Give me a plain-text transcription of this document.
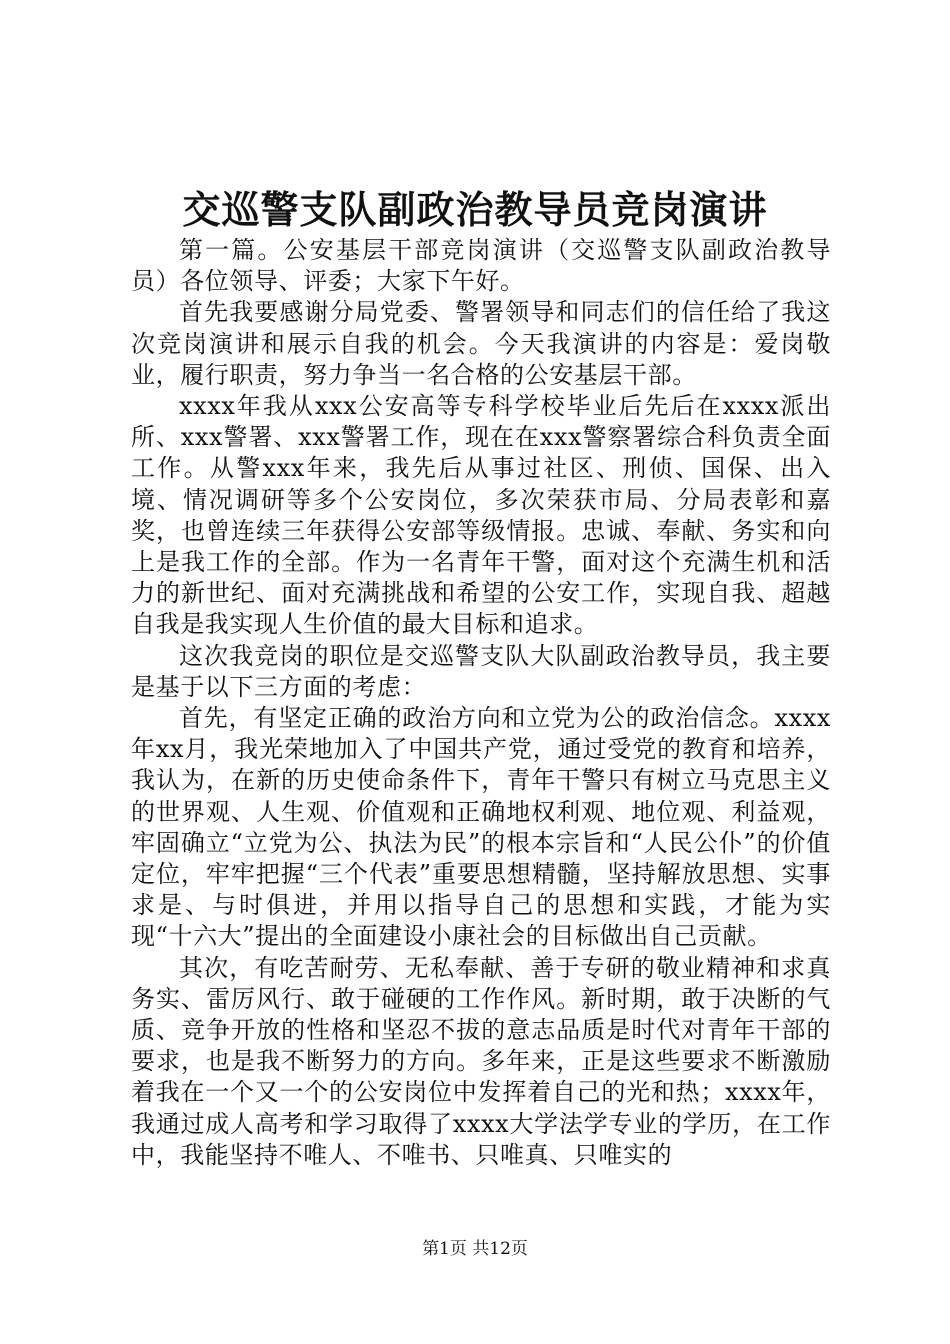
交巡警支队副政治教导员竞岗演讲

第一篇。公安基层干部竞岗演讲（交巡警支队副政治教导员）各位领导、评委；大家下午好。

首先我要感谢分局党委、警署领导和同志们的信任给了我这次竞岗演讲和展示自我的机会。今天我演讲的内容是：爱岗敬业，履行职责，努力争当一名合格的公安基层干部。

xxxx年我从xxx公安高等专科学校毕业后先后在xxxx派出所、xxx警署、xxx警署工作，现在在xxx警察署综合科负责全面工作。从警xxx年来，我先后从事过社区、刑侦、国保、出入境、情况调研等多个公安岗位，多次荣获市局、分局表彰和嘉奖，也曾连续三年获得公安部等级情报。忠诚、奉献、务实和向上是我工作的全部。作为一名青年干警，面对这个充满生机和活力的新世纪、面对充满挑战和希望的公安工作，实现自我、超越自我是我实现人生价值的最大目标和追求。

这次我竞岗的职位是交巡警支队大队副政治教导员，我主要是基于以下三方面的考虑：

首先，有坚定正确的政治方向和立党为公的政治信念。xxxx年xx月，我光荣地加入了中国共产党，通过受党的教育和培养，我认为，在新的历史使命条件下，青年干警只有树立马克思主义的世界观、人生观、价值观和正确地权利观、地位观、利益观，牢固确立“立党为公、执法为民”的根本宗旨和“人民公仆”的价值定位，牢牢把握“三个代表”重要思想精髓，坚持解放思想、实事求是、与时俱进，并用以指导自己的思想和实践，才能为实现“十六大”提出的全面建设小康社会的目标做出自己贡献。

其次，有吃苦耐劳、无私奉献、善于专研的敬业精神和求真务实、雷厉风行、敢于碰硬的工作作风。新时期，敢于决断的气质、竞争开放的性格和坚忍不拔的意志品质是时代对青年干部的要求，也是我不断努力的方向。多年来，正是这些要求不断激励着我在一个又一个的公安岗位中发挥着自己的光和热；xxxx年，我通过成人高考和学习取得了xxxx大学法学专业的学历，在工作中，我能坚持不唯人、不唯书、只唯真、只唯实的

第1页 共12页
